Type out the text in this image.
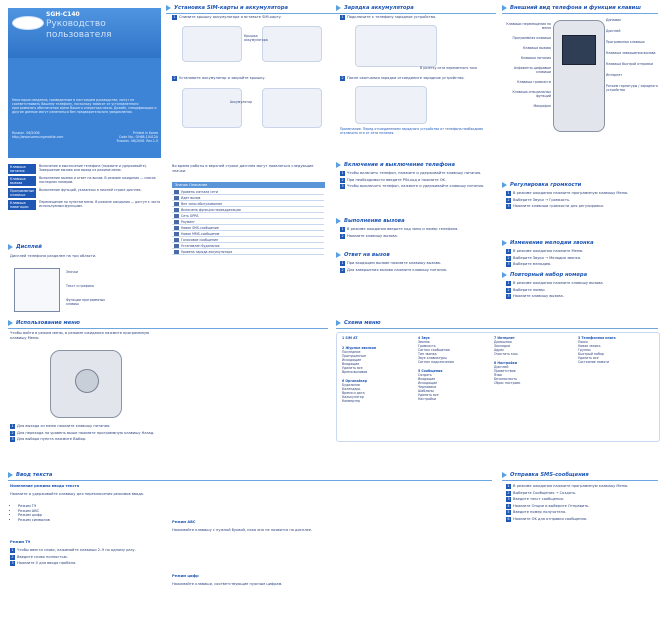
SGH-C140
Руководство
пользователя
Некоторые сведения, приведенные в настоящем руководстве, могут не соответствовать Вашему телефону, поскольку зависят от установленного программного обеспечения и/или Вашего оператора связи. Дизайн, спецификации и другие данные могут изменяться без предварительного уведомления.
Russian. 06/2006
http://www.samsungmobile.com
Printed in Korea
Code No.: GH68-10412A
Russian. 06/2006. Rev.1.0
Установка SIM-карты и аккумулятора
1 Снимите крышку аккумулятора и вставьте SIM-карту.
Крышка аккумулятора
2 Установите аккумулятор и закройте крышку.
Аккумулятор
Зарядка аккумулятора
1 Подключите к телефону зарядное устройство.
В розетку сети переменного тока
2 После окончания зарядки отсоедините зарядное устройство.
Примечание. Перед отсоединением зарядного устройства от телефона необходимо отключить его от сети питания.
Внешний вид телефона и функции клавиш
Клавиши перемещения по меню
Программная клавиша
Клавиша вызова
Клавиша питания
Алфавитно-цифровые клавиши
Клавиши громкости
Клавиша специальных функций
Микрофон
Динамик
Дисплей
Программная клавиша
Клавиша завершения вызова
Клавиша быстрой отправки
Интернет
Разъем гарнитуры / зарядного устройства
Клавиша питания
Включение и выключение телефона (нажмите и удерживайте). Завершение вызова или выход из режима меню.
Клавиша вызова
Выполнение вызова и ответ на вызов. В режиме ожидания — список последних номеров.
Программные клавиши
Выполнение функций, указанных в нижней строке дисплея.
Клавиша навигации
Перемещение по пунктам меню. В режиме ожидания — доступ к часто используемым функциям.
Дисплей
Дисплей телефона разделен на три области.
Значки
Текст и графика
Функции программных клавиш
Во время работы в верхней строке дисплея могут появляться следующие значки.
Значок Описание
Уровень сигнала сети
Идет вызов
Вне зоны обслуживания
Включена функция переадресации
Сеть GPRS
Роуминг
Новое SMS-сообщение
Новое MMS-сообщение
Голосовое сообщение
Установлен будильник
Уровень заряда аккумулятора
Включение и выключение телефона
1 Чтобы включить телефон, нажмите и удерживайте клавишу питания.
2 При необходимости введите PIN-код и нажмите OK.
3 Чтобы выключить телефон, нажмите и удерживайте клавишу питания.
Выполнение вызова
1 В режиме ожидания введите код зоны и номер телефона.
2 Нажмите клавишу вызова.
Ответ на вызов
1 При входящем вызове нажмите клавишу вызова.
2 Для завершения вызова нажмите клавишу питания.
Регулировка громкости
1 В режиме ожидания нажмите программную клавишу Меню.
2 Выберите Звуки → Громкость.
3 Нажмите клавиши громкости для регулировки.
Изменение мелодии звонка
1 В режиме ожидания нажмите Меню.
2 Выберите Звуки → Мелодия звонка.
3 Выберите мелодию.
Повторный набор номера
1 В режиме ожидания нажмите клавишу вызова.
2 Выберите номер.
3 Нажмите клавишу вызова.
Использование меню
Чтобы войти в режим меню, в режиме ожидания нажмите программную клавишу Меню.
1 Для выхода из меню нажмите клавишу питания.
2 Для перехода на уровень выше нажмите программную клавишу Назад.
3 Для выбора пункта нажмите Выбор.
Схема меню
1 SIM AT
2 Журнал звонков
Последние
Пропущенные
Исходящие
Входящие
Удалить все
Время вызовов
6 Органайзер
Будильник
Календарь
Время и дата
Калькулятор
Конвертер
4 Звук
Звонок
Громкость
Сигнал сообщения
Тип звонка
Звук клавиатуры
Сигнал подключения
5 Сообщения
Создать
Входящие
Исходящие
Черновики
Шаблоны
Удалить все
Настройки
7 Интернет
Домашняя
Закладки
Адрес
Очистить кэш
8 Настройки
Дисплей
Приветствие
Язык
Безопасность
Сброс настроек
3 Телефонная книга
Поиск
Новая запись
Группы
Быстрый набор
Удалить все
Состояние памяти
Ввод текста
Изменение режима ввода текста
Нажмите и удерживайте клавишу для переключения режимов ввода.
• Режим T9
• Режим ABC
• Режим цифр
• Режим символов
Режим T9
1 Чтобы ввести слово, нажимайте клавиши 2–9 по одному разу.
2 Введите слово полностью.
3 Нажмите 0 для ввода пробела.
Режим ABC
Нажимайте клавишу с нужной буквой, пока она не появится на дисплее.
Режим цифр
Нажимайте клавиши, соответствующие нужным цифрам.
Отправка SMS-сообщения
1 В режиме ожидания нажмите программную клавишу Меню.
2 Выберите Сообщения → Создать.
3 Введите текст сообщения.
4 Нажмите Опции и выберите Отправить.
5 Введите номер получателя.
6 Нажмите OK для отправки сообщения.
